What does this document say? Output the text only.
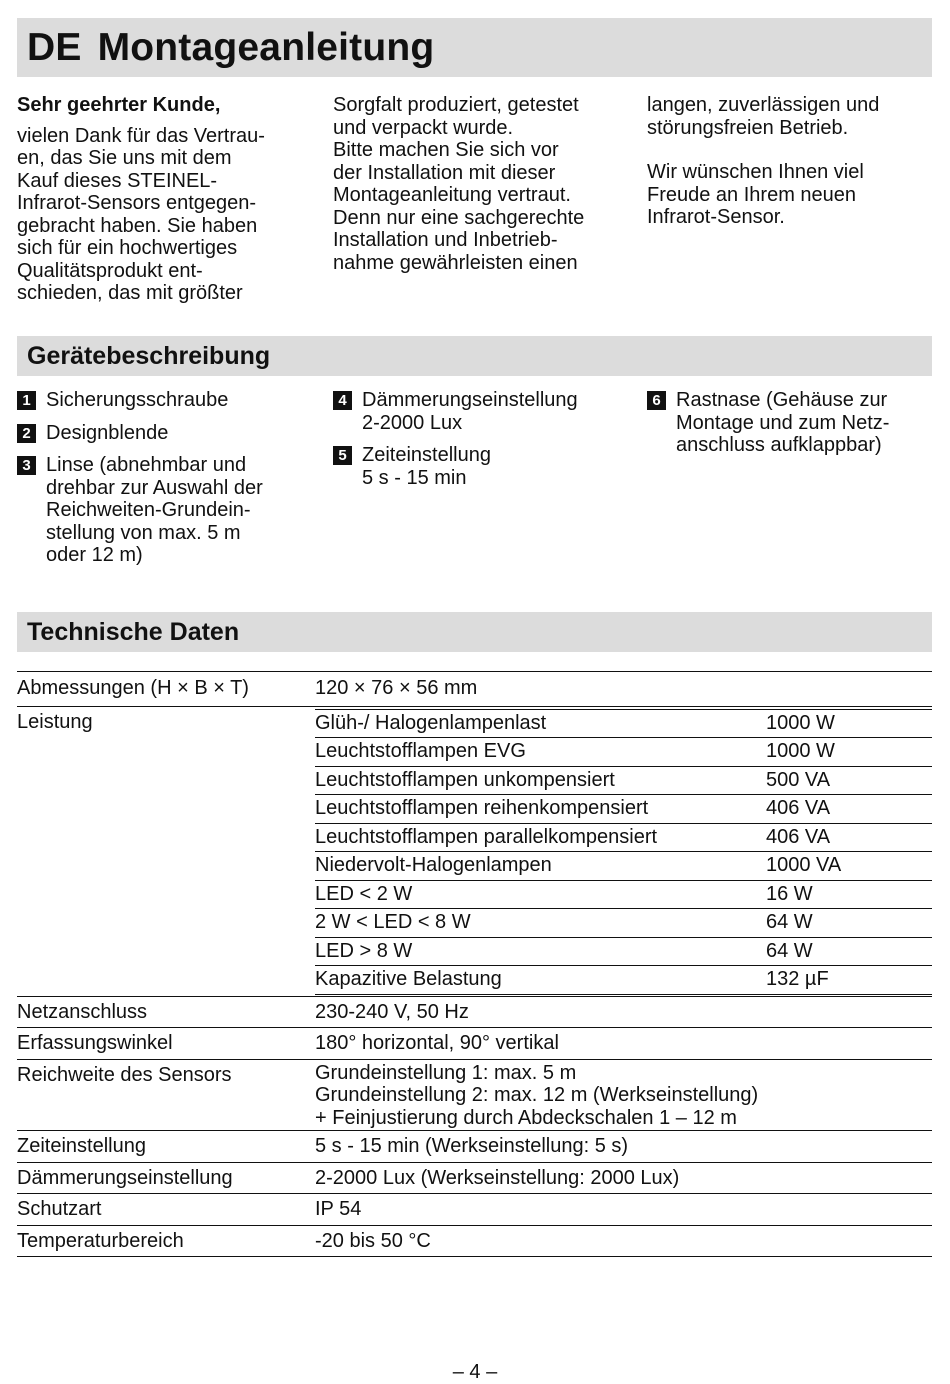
DE Montageanleitung
Sehr geehrter Kunde,
vielen Dank für das Vertrau-
en, das Sie uns mit dem
Kauf dieses STEINEL-
Infrarot-Sensors entgegen-
gebracht haben. Sie haben
sich für ein hochwertiges
Qualitätsprodukt ent-
schieden, das mit größter
Sorgfalt produziert, getestet
und verpackt wurde.
Bitte machen Sie sich vor
der Installation mit dieser
Montageanleitung vertraut.
Denn nur eine sachgerechte
Installation und Inbetrieb-
nahme gewährleisten einen
langen, zuverlässigen und
störungsfreien Betrieb.
Wir wünschen Ihnen viel
Freude an Ihrem neuen
Infrarot-Sensor.
Gerätebeschreibung
1 Sicherungsschraube
2 Designblende
3 Linse (abnehmbar und
drehbar zur Auswahl der
Reichweiten-Grundein-
stellung von max. 5 m
oder 12 m)
4 Dämmerungseinstellung
2-2000 Lux
5 Zeiteinstellung
5 s - 15 min
6 Rastnase (Gehäuse zur
Montage und zum Netz-
anschluss aufklappbar)
Technische Daten
Abmessungen (H × B × T)	120 × 76 × 56 mm
Leistung		Glüh-/ Halogenlampenlast	1000 W
Leuchtstofflampen EVG	1000 W
Leuchtstofflampen unkompensiert	500 VA
Leuchtstofflampen reihenkompensiert	406 VA
Leuchtstofflampen parallelkompensiert	406 VA
Niedervolt-Halogenlampen	1000 VA
LED < 2 W	16 W
2 W < LED < 8 W	64 W
LED > 8 W	64 W
Kapazitive Belastung	132 µF

Netzanschluss	230-240 V, 50 Hz
Erfassungswinkel	180° horizontal, 90° vertikal
Reichweite des Sensors	Grundeinstellung 1: max. 5 m
Grundeinstellung 2: max. 12 m (Werkseinstellung)
+ Feinjustierung durch Abdeckschalen 1 – 12 m

Zeiteinstellung	5 s - 15 min (Werkseinstellung: 5 s)
Dämmerungseinstellung	2-2000 Lux (Werkseinstellung: 2000 Lux)
Schutzart	IP 54
Temperaturbereich	-20 bis 50 °C
– 4 –
